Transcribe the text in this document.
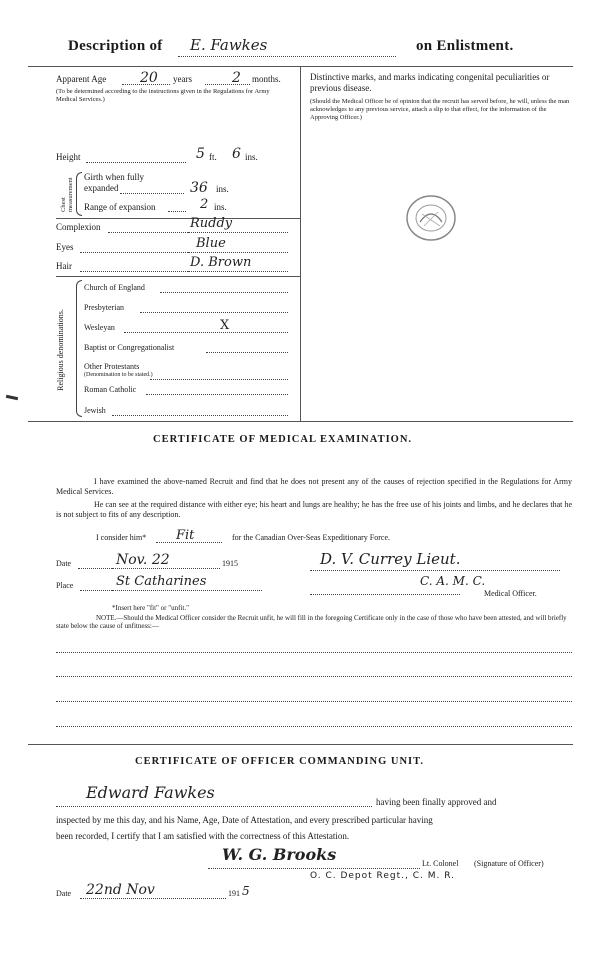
Description of E. Fawkes	on Enlistment.
Apparent Age 20 years	2 months.
(To be determined according to the instructions given in the Regulations for Army Medical Services.)
Height	5 ft. 6 ins.
Chest measurement
Girth when fully expanded	36 ins.
Range of expansion	2 ins.
Complexion	Ruddy
Eyes	Blue
Hair	D. Brown
Religious denominations.
Church of England
Presbyterian
Wesleyan	X
Baptist or Congregationalist
Other Protestants
(Denomination to be stated.)
Roman Catholic
Jewish
Distinctive marks, and marks indicating congenital peculiarities or previous disease.
(Should the Medical Officer be of opinion that the recruit has served before, he will, unless the man acknowledges to any previous service, attach a slip to that effect, for the information of the Approving Officer.)
CERTIFICATE OF MEDICAL EXAMINATION.
I have examined the above-named Recruit and find that he does not present any of the causes of rejection specified in the Regulations for Army Medical Services.
He can see at the required distance with either eye; his heart and lungs are healthy; he has the free use of his joints and limbs, and he declares that he is not subject to fits of any description.
I consider him* Fit	for the Canadian Over-Seas Expeditionary Force.
Date	Nov. 22	1915	D. V. Currey Lieut.
Place	St Catharines	C. A. M. C.
Medical Officer.
*Insert here "fit" or "unfit."
NOTE.—Should the Medical Officer consider the Recruit unfit, he will fill in the foregoing Certificate only in the case of those who have been attested, and will briefly state below the cause of unfitness:—
CERTIFICATE OF OFFICER COMMANDING UNIT.
Edward Fawkes	having been finally approved and
inspected by me this day, and his Name, Age, Date of Attestation, and every prescribed particular having
been recorded, I certify that I am satisfied with the correctness of this Attestation.
W. G. Brooks	Lt. Colonel (Signature of Officer)
O. C. Depot Regt., C. M. R.
Date 22nd Nov	191 5
